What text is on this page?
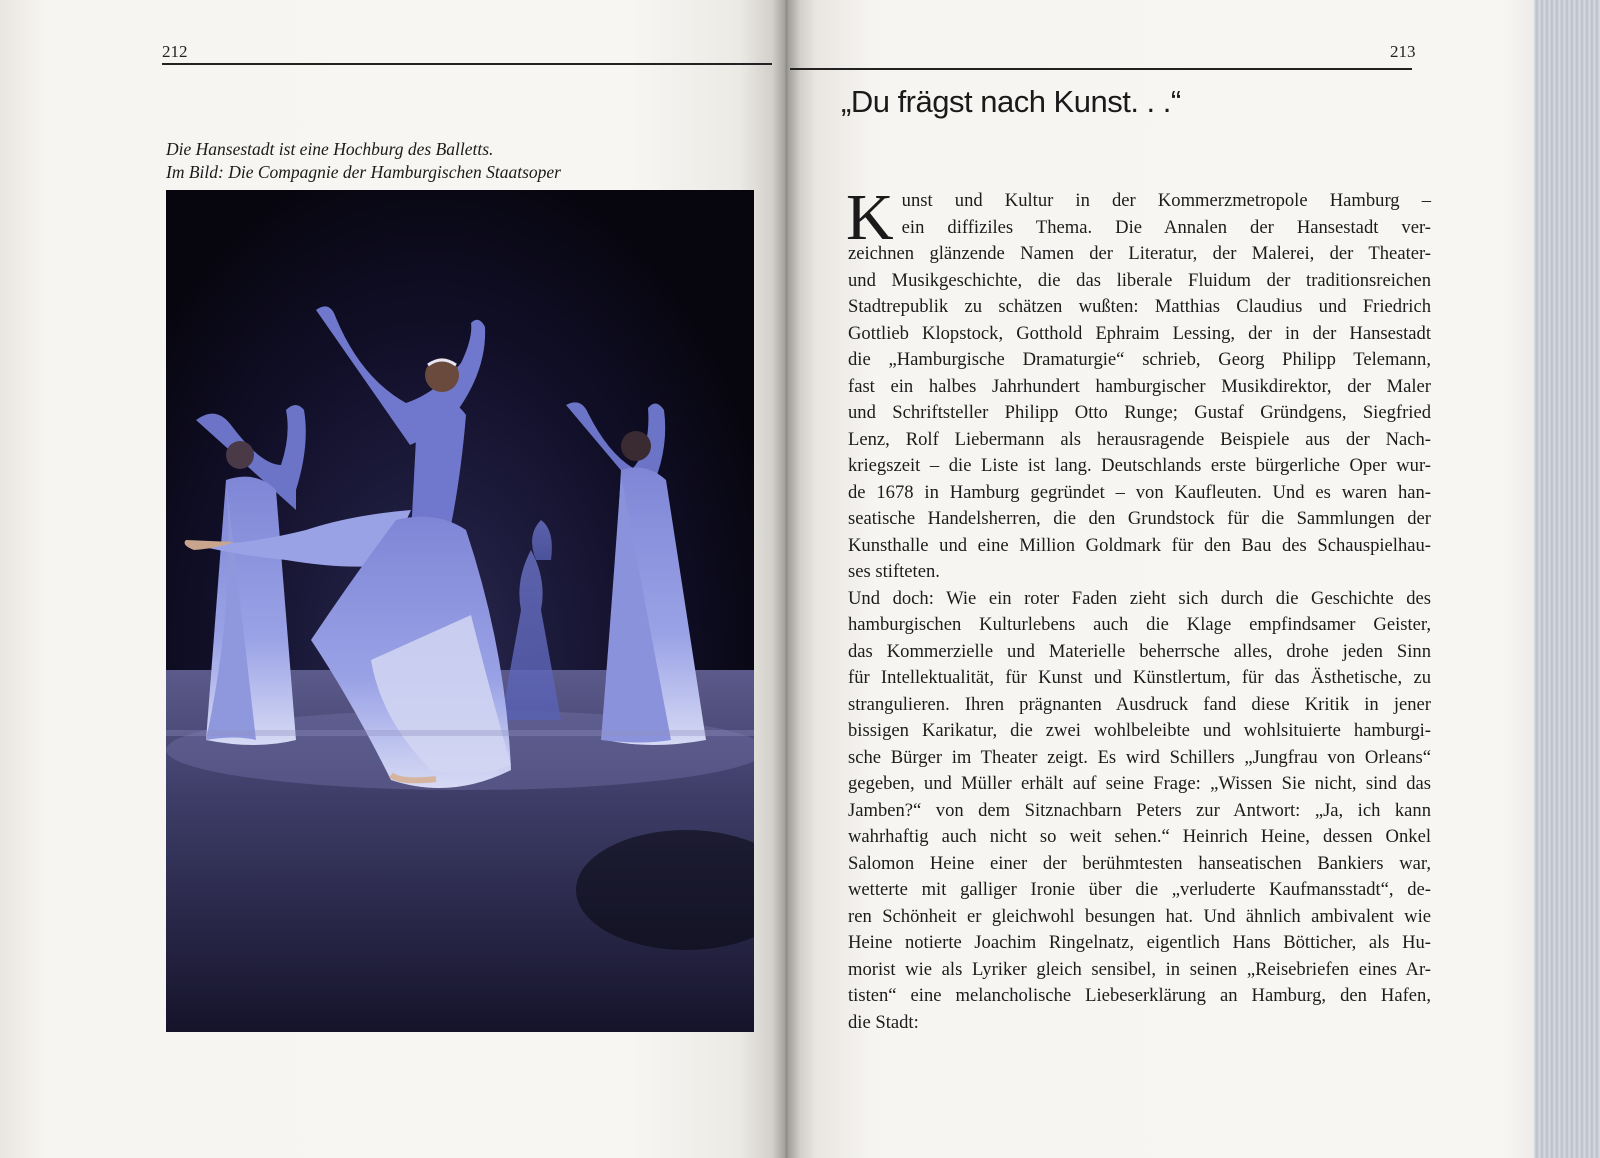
212
Die Hansestadt ist eine Hochburg des Balletts.
Im Bild: Die Compagnie der Hamburgischen Staatsoper
213
„Du frägst nach Kunst. . .“
K unst und Kultur in der Kommerzmetropole Hamburg –
ein diffiziles Thema. Die Annalen der Hansestadt ver-
zeichnen glänzende Namen der Literatur, der Malerei, der Theater-
und Musikgeschichte, die das liberale Fluidum der traditionsreichen
Stadtrepublik zu schätzen wußten: Matthias Claudius und Friedrich
Gottlieb Klopstock, Gotthold Ephraim Lessing, der in der Hansestadt
die „Hamburgische Dramaturgie“ schrieb, Georg Philipp Telemann,
fast ein halbes Jahrhundert hamburgischer Musikdirektor, der Maler
und Schriftsteller Philipp Otto Runge; Gustaf Gründgens, Siegfried
Lenz, Rolf Liebermann als herausragende Beispiele aus der Nach-
kriegszeit – die Liste ist lang. Deutschlands erste bürgerliche Oper wur-
de 1678 in Hamburg gegründet – von Kaufleuten. Und es waren han-
seatische Handelsherren, die den Grundstock für die Sammlungen der
Kunsthalle und eine Million Goldmark für den Bau des Schauspielhau-
ses stifteten.
Und doch: Wie ein roter Faden zieht sich durch die Geschichte des
hamburgischen Kulturlebens auch die Klage empfindsamer Geister,
das Kommerzielle und Materielle beherrsche alles, drohe jeden Sinn
für Intellektualität, für Kunst und Künstlertum, für das Ästhetische, zu
strangulieren. Ihren prägnanten Ausdruck fand diese Kritik in jener
bissigen Karikatur, die zwei wohlbeleibte und wohlsituierte hamburgi-
sche Bürger im Theater zeigt. Es wird Schillers „Jungfrau von Orleans“
gegeben, und Müller erhält auf seine Frage: „Wissen Sie nicht, sind das
Jamben?“ von dem Sitznachbarn Peters zur Antwort: „Ja, ich kann
wahrhaftig auch nicht so weit sehen.“ Heinrich Heine, dessen Onkel
Salomon Heine einer der berühmtesten hanseatischen Bankiers war,
wetterte mit galliger Ironie über die „verluderte Kaufmansstadt“, de-
ren Schönheit er gleichwohl besungen hat. Und ähnlich ambivalent wie
Heine notierte Joachim Ringelnatz, eigentlich Hans Bötticher, als Hu-
morist wie als Lyriker gleich sensibel, in seinen „Reisebriefen eines Ar-
tisten“ eine melancholische Liebeserklärung an Hamburg, den Hafen,
die Stadt:
